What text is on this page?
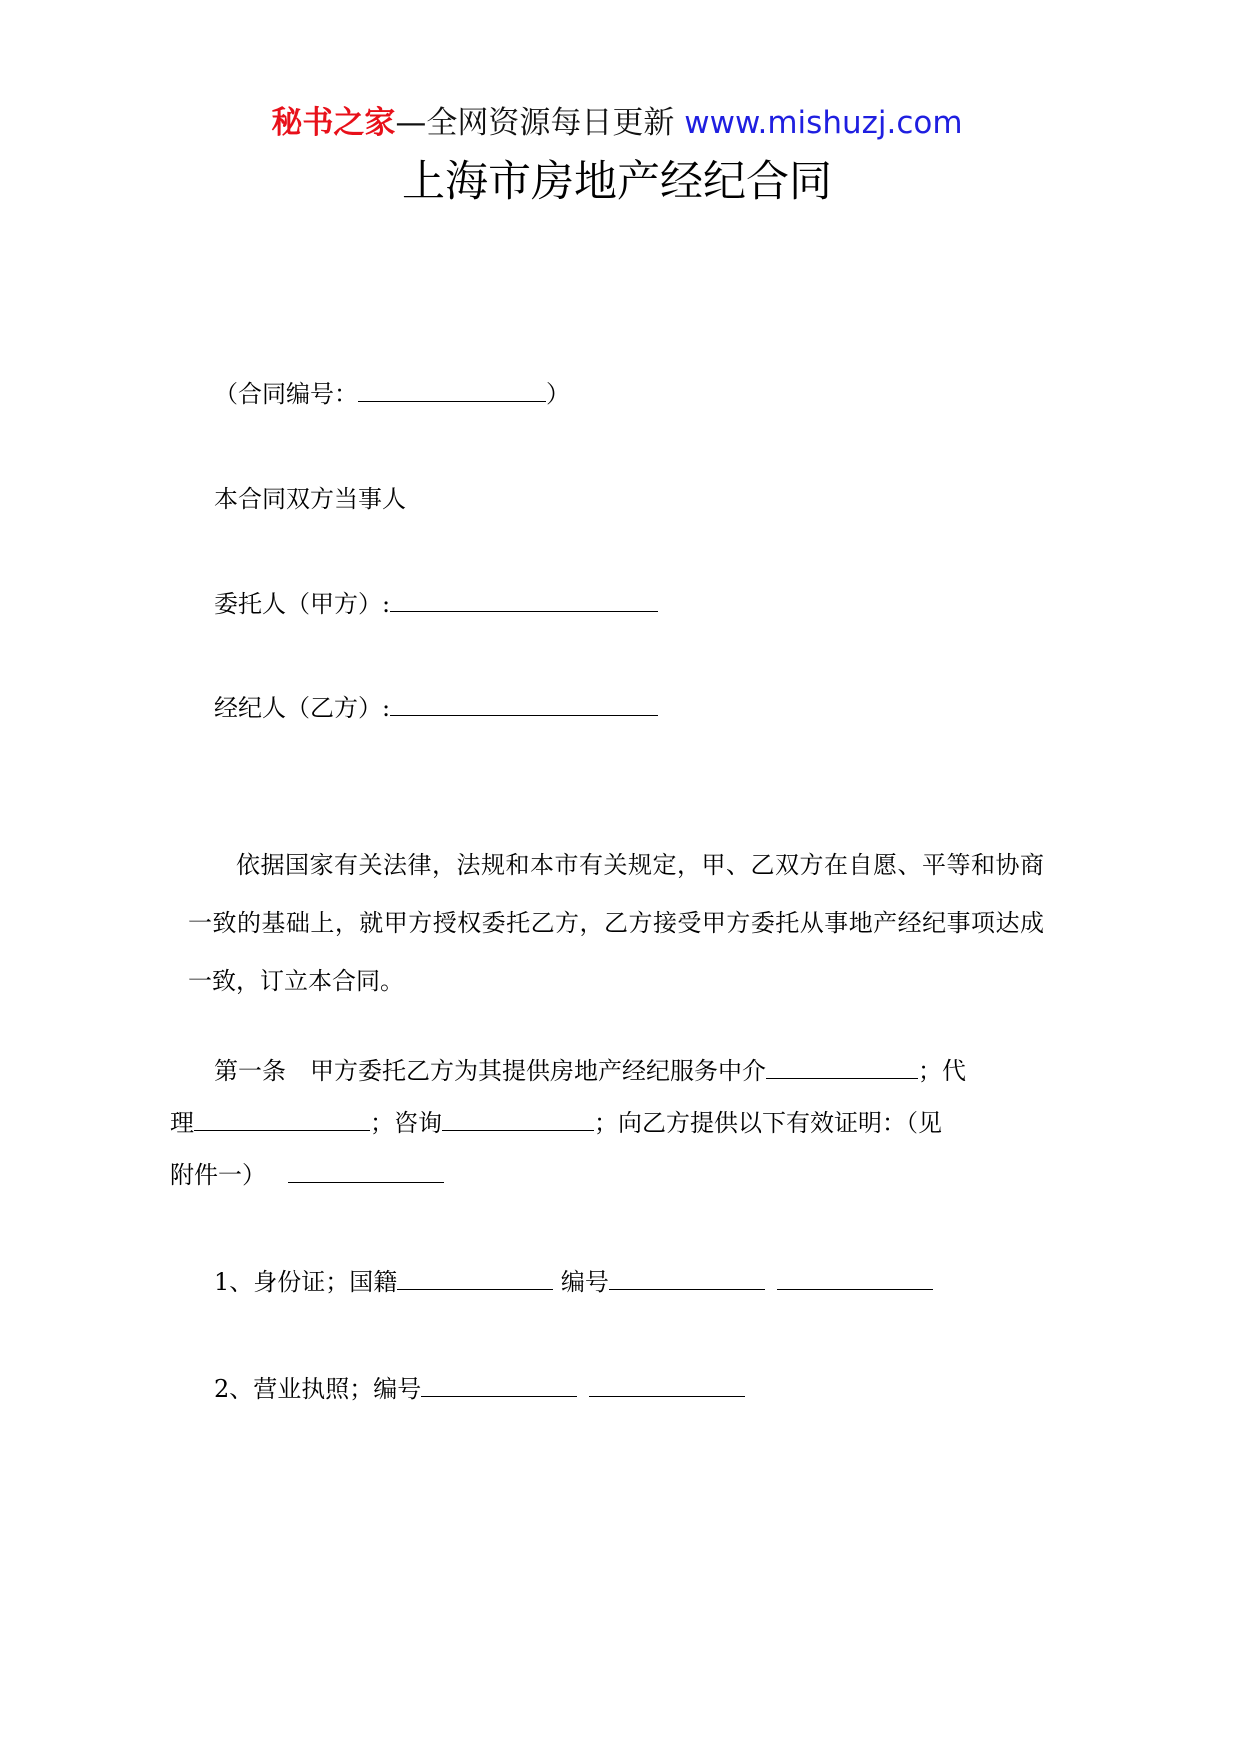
秘书之家—全网资源每日更新 www.mishuzj.com
上海市房地产经纪合同
（合同编号：	）
本合同双方当事人
委托人（甲方）:
经纪人（乙方）:
依据国家有关法律，法规和本市有关规定，甲、乙双方在自愿、平等和协商一致的基础上，就甲方授权委托乙方，乙方接受甲方委托从事地产经纪事项达成一致，订立本合同。
第一条　甲方委托乙方为其提供房地产经纪服务中介	；代
理	；咨询	；向乙方提供以下有效证明：（见
附件一）
1、身份证；国籍	编号
2、营业执照；编号
